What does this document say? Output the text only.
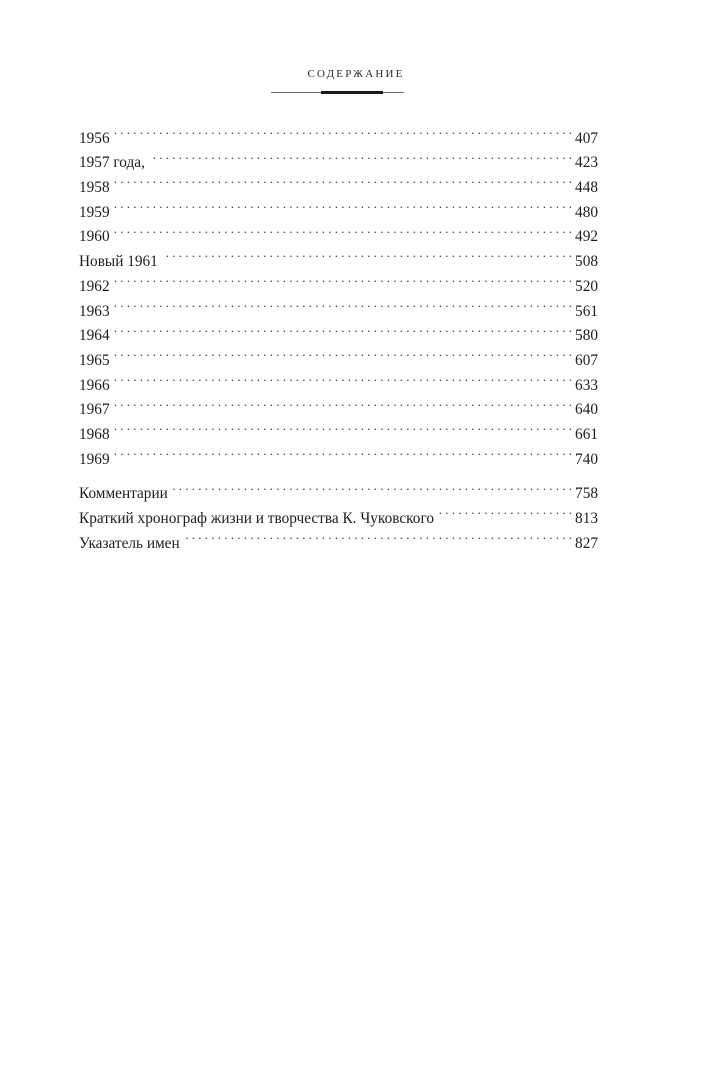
СОДЕРЖАНИЕ
1956 . . .	407
1957 года, . . .	423
1958 . . .	448
1959 . . .	480
1960 . . .	492
Новый 1961 . . .	508
1962 . . .	520
1963 . . .	561
1964 . . .	580
1965 . . .	607
1966 . . .	633
1967 . . .	640
1968 . . .	661
1969 . . .	740
Комментарии . . .	758
Краткий хронограф жизни и творчества К. Чуковского . . .	813
Указатель имен . . .	827
